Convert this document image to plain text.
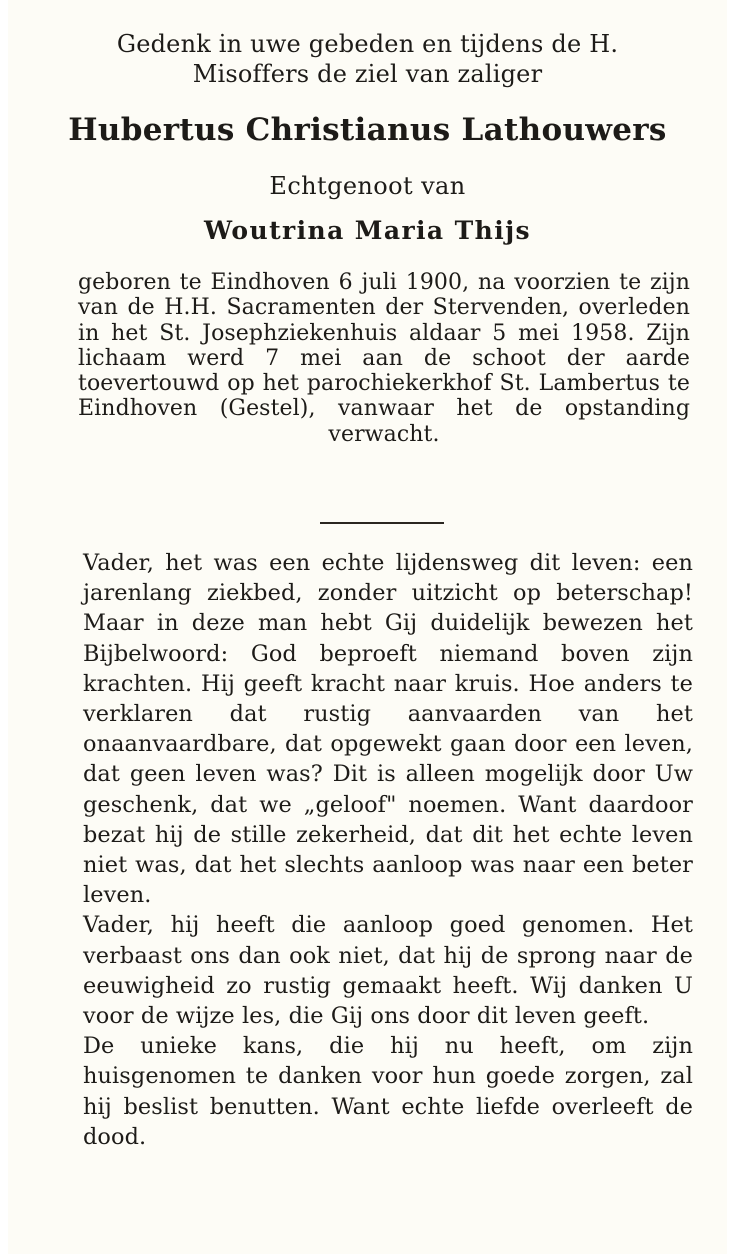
Gedenk in uwe gebeden en tijdens de H.
Misoffers de ziel van zaliger
Hubertus Christianus Lathouwers
Echtgenoot van
Woutrina Maria Thijs
geboren te Eindhoven 6 juli 1900, na voorzien te zijn van de H.H. Sacramenten der Stervenden, overleden in het St. Josephziekenhuis aldaar 5 mei 1958. Zijn lichaam werd 7 mei aan de schoot der aarde toevertouwd op het parochiekerkhof St. Lambertus te Eindhoven (Gestel), vanwaar het de opstanding verwacht.

Vader, het was een echte lijdensweg dit leven: een jarenlang ziekbed, zonder uitzicht op beterschap! Maar in deze man hebt Gij duidelijk bewezen het Bijbelwoord: God beproeft niemand boven zijn krachten. Hij geeft kracht naar kruis. Hoe anders te verklaren dat rustig aanvaarden van het onaanvaardbare, dat opgewekt gaan door een leven, dat geen leven was? Dit is alleen mogelijk door Uw geschenk, dat we „geloof" noemen. Want daardoor bezat hij de stille zekerheid, dat dit het echte leven niet was, dat het slechts aanloop was naar een beter leven.

Vader, hij heeft die aanloop goed genomen. Het verbaast ons dan ook niet, dat hij de sprong naar de eeuwigheid zo rustig gemaakt heeft. Wij danken U voor de wijze les, die Gij ons door dit leven geeft.

De unieke kans, die hij nu heeft, om zijn huisgenomen te danken voor hun goede zorgen, zal hij beslist benutten. Want echte liefde overleeft de dood.
